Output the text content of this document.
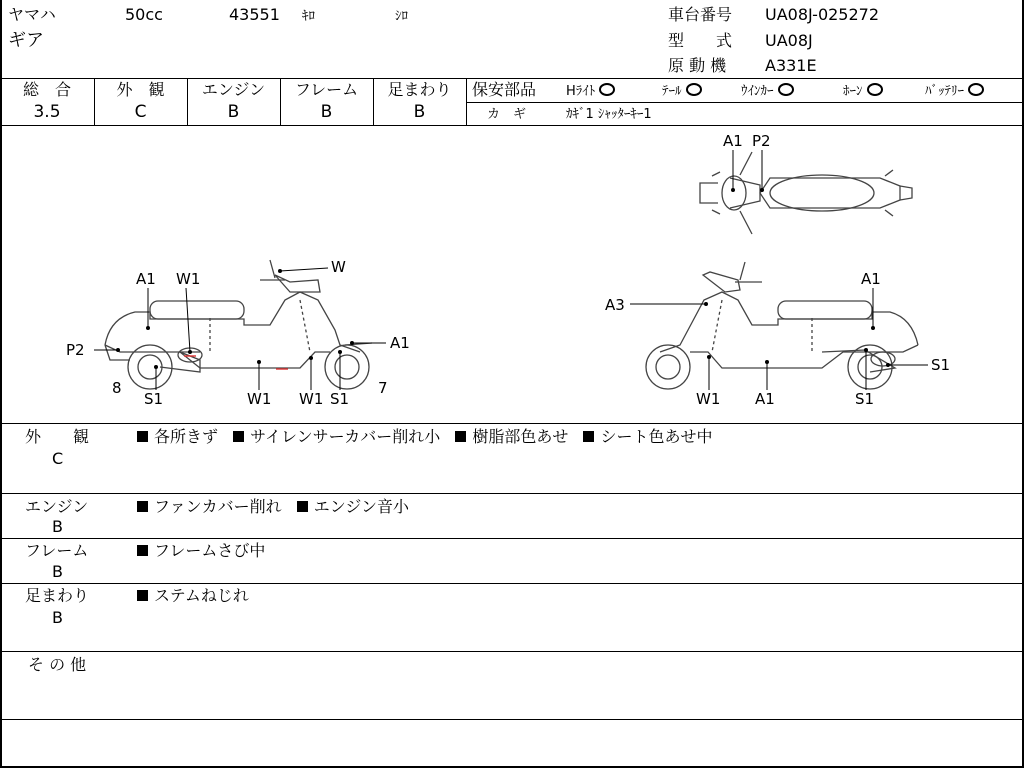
ヤマハ	50cc	43551 ｷﾛ	ｼﾛ
ギア
車台番号 UA08J-025272
型　　式 UA08J
原 動 機 A331E
総　合	外　観	エンジン	フレーム	足まわり
3.5	C	B	B	B
保安部品 Hﾗｲﾄ	ﾃｰﾙ	ｳｲﾝｶｰ	ﾎｰﾝ	ﾊﾞｯﾃﾘｰ
カ　ギ	ｶｷﾞ1 ｼｬｯﾀｰｷｰ1
A1 P2
A1 W1
W
P2	A1
8	7
S1	W1 W1 S1
A3
A1
S1
W1 A1	S1
外　　観
C
各所きず サイレンサーカバー削れ小 樹脂部色あせ シート色あせ中
エンジン
B
ファンカバー削れ エンジン音小
フレーム
B
フレームさび中
足まわり
B
ステムねじれ
そ の 他
